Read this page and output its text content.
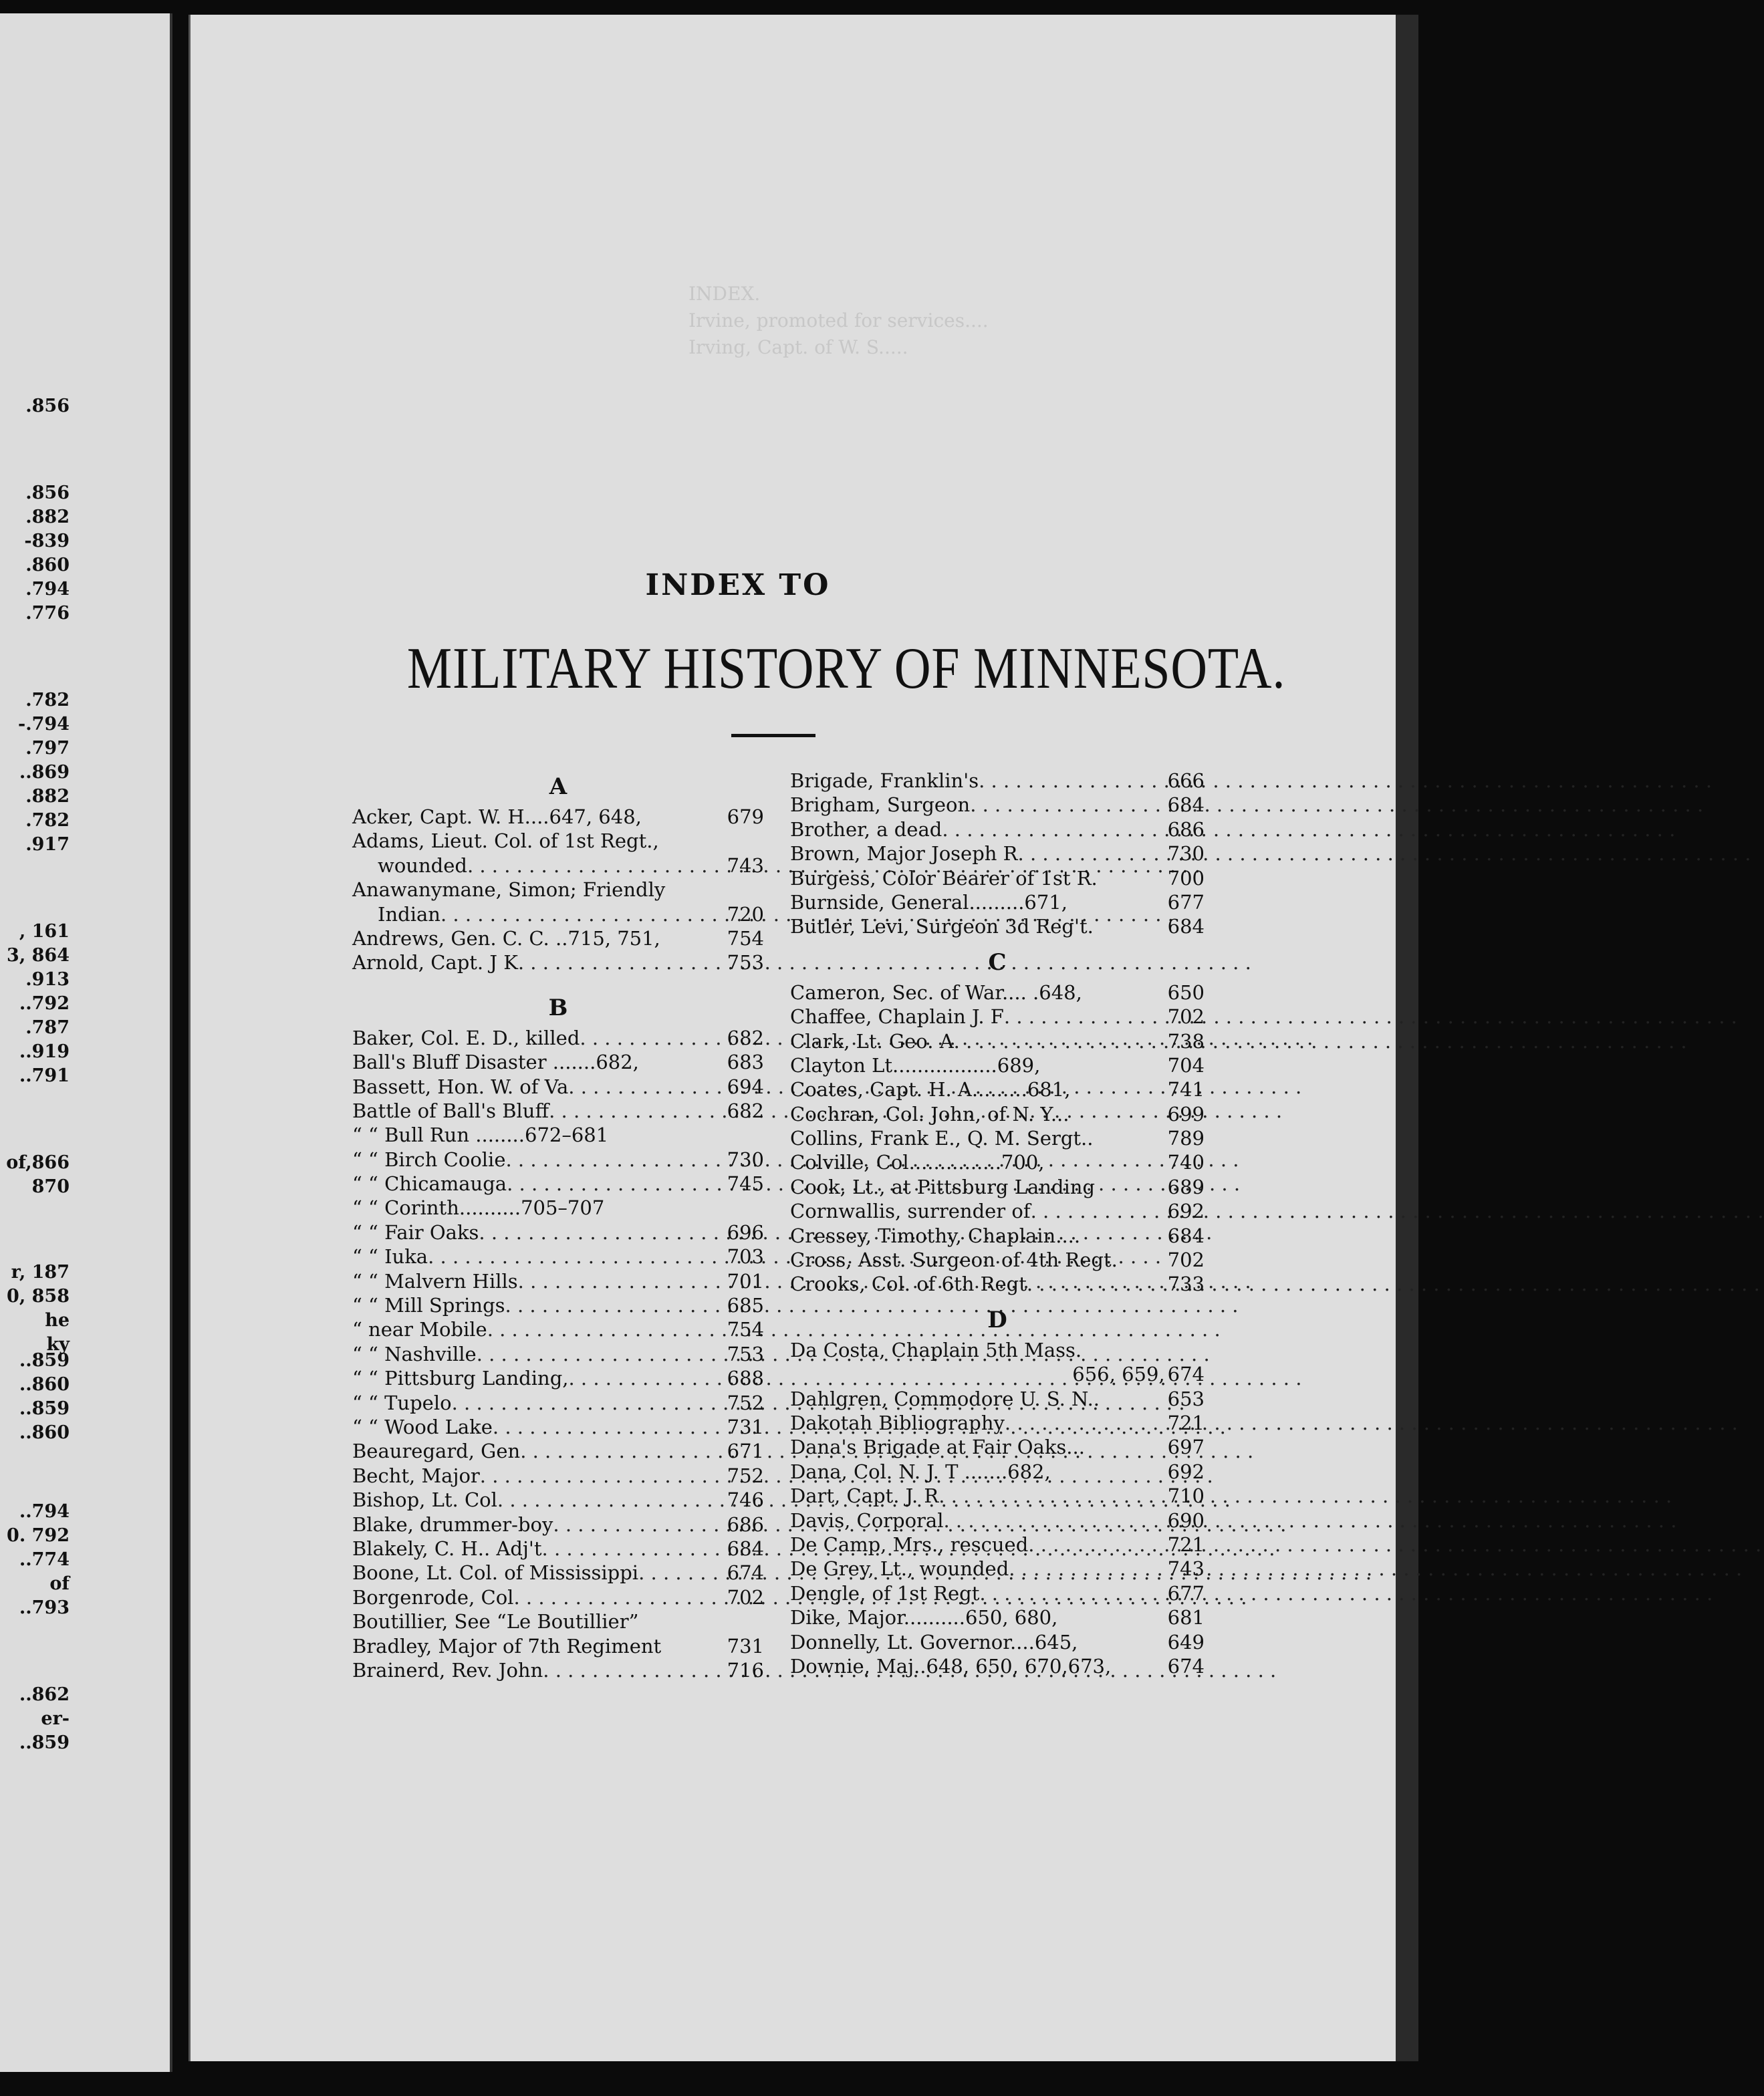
.856
.856
.882
-839
.860
.794
.776
.782
-.794
.797
..869
.882
.782
.917
, 161
3, 864
.913
..792
.787
..919
..791
of,866
870
r, 187
0, 858
he
ky
..859
..860
..859
..860
..794
0. 792
..774
of
..793
..862
er-
..859
INDEX.
Irvine, promoted for services....
Irving, Capt. of W. S.....
INDEX TO
MILITARY HISTORY OF MINNESOTA.
A
Acker, Capt. W. H....647, 648,	679
Adams, Lieut. Col. of 1st Regt.,
wounded . . .	743
Anawanymane, Simon; Friendly
Indian . . .	720
Andrews, Gen. C. C. ..715, 751,	754
Arnold, Capt. J K . . .	753
B
Baker, Col. E. D., killed . . .	682
Ball's Bluff Disaster .......682,	683
Bassett, Hon. W. of Va . . .	694
Battle of Ball's Bluff . . .	682
“ “ Bull Run ........672–681
“ “ Birch Coolie . . .	730
“ “ Chicamauga . . .	745
“ “ Corinth..........705–707
“ “ Fair Oaks . . .	696
“ “ Iuka . . .	703
“ “ Malvern Hills . . .	701
“ “ Mill Springs . . .	685
“ near Mobile . . .	754
“ “ Nashville . . .	753
“ “ Pittsburg Landing, . . .	688
“ “ Tupelo . . .	752
“ “ Wood Lake . . .	731
Beauregard, Gen . . .	671
Becht, Major . . .	752
Bishop, Lt. Col . . .	746
Blake, drummer-boy . . .	686
Blakely, C. H.. Adj't . . .	684
Boone, Lt. Col. of Mississippi . . .	674
Borgenrode, Col . . .	702
Boutillier, See “Le Boutillier”
Bradley, Major of 7th Regiment	731
Brainerd, Rev. John . . .	716
Brigade, Franklin's . . .	666
Brigham, Surgeon . . .	684
Brother, a dead . . .	686
Brown, Major Joseph R . . .	730
Burgess, Color Bearer of 1st R.	700
Burnside, General.........671,	677
Butler, Levi, Surgeon 3d Reg't.	684
C
Cameron, Sec. of War.... .648,	650
Chaffee, Chaplain J. F . . .	702
Clark, Lt. Geo. A . . .	738
Clayton Lt.................689,	704
Coates, Capt. H. A.........681,	741
Cochran, Col. John, of N. Y...	699
Collins, Frank E., Q. M. Sergt..	789
Colville, Col...............700,	740
Cook, Lt., at Pittsburg Landing	689
Cornwallis, surrender of . . .	692
Cressey, Timothy, Chaplain....	684
Cross, Asst. Surgeon of 4th Regt.	702
Crooks, Col. of 6th Regt . . .	733
D
Da Costa, Chaplain 5th Mass.
656, 659, 674
Dahlgren, Commodore U. S. N..	653
Dakotah Bibliography . . .	721
Dana's Brigade at Fair Oaks...	697
Dana, Col. N. J. T .......682,	692
Dart, Capt. J. R . . .	710
Davis, Corporal . . .	690
De Camp, Mrs., rescued . . .	721
De Grey, Lt., wounded . . .	743
Dengle, of 1st Regt . . .	677
Dike, Major..........650, 680,	681
Donnelly, Lt. Governor....645,	649
Downie, Maj..648, 650, 670,673,	674
